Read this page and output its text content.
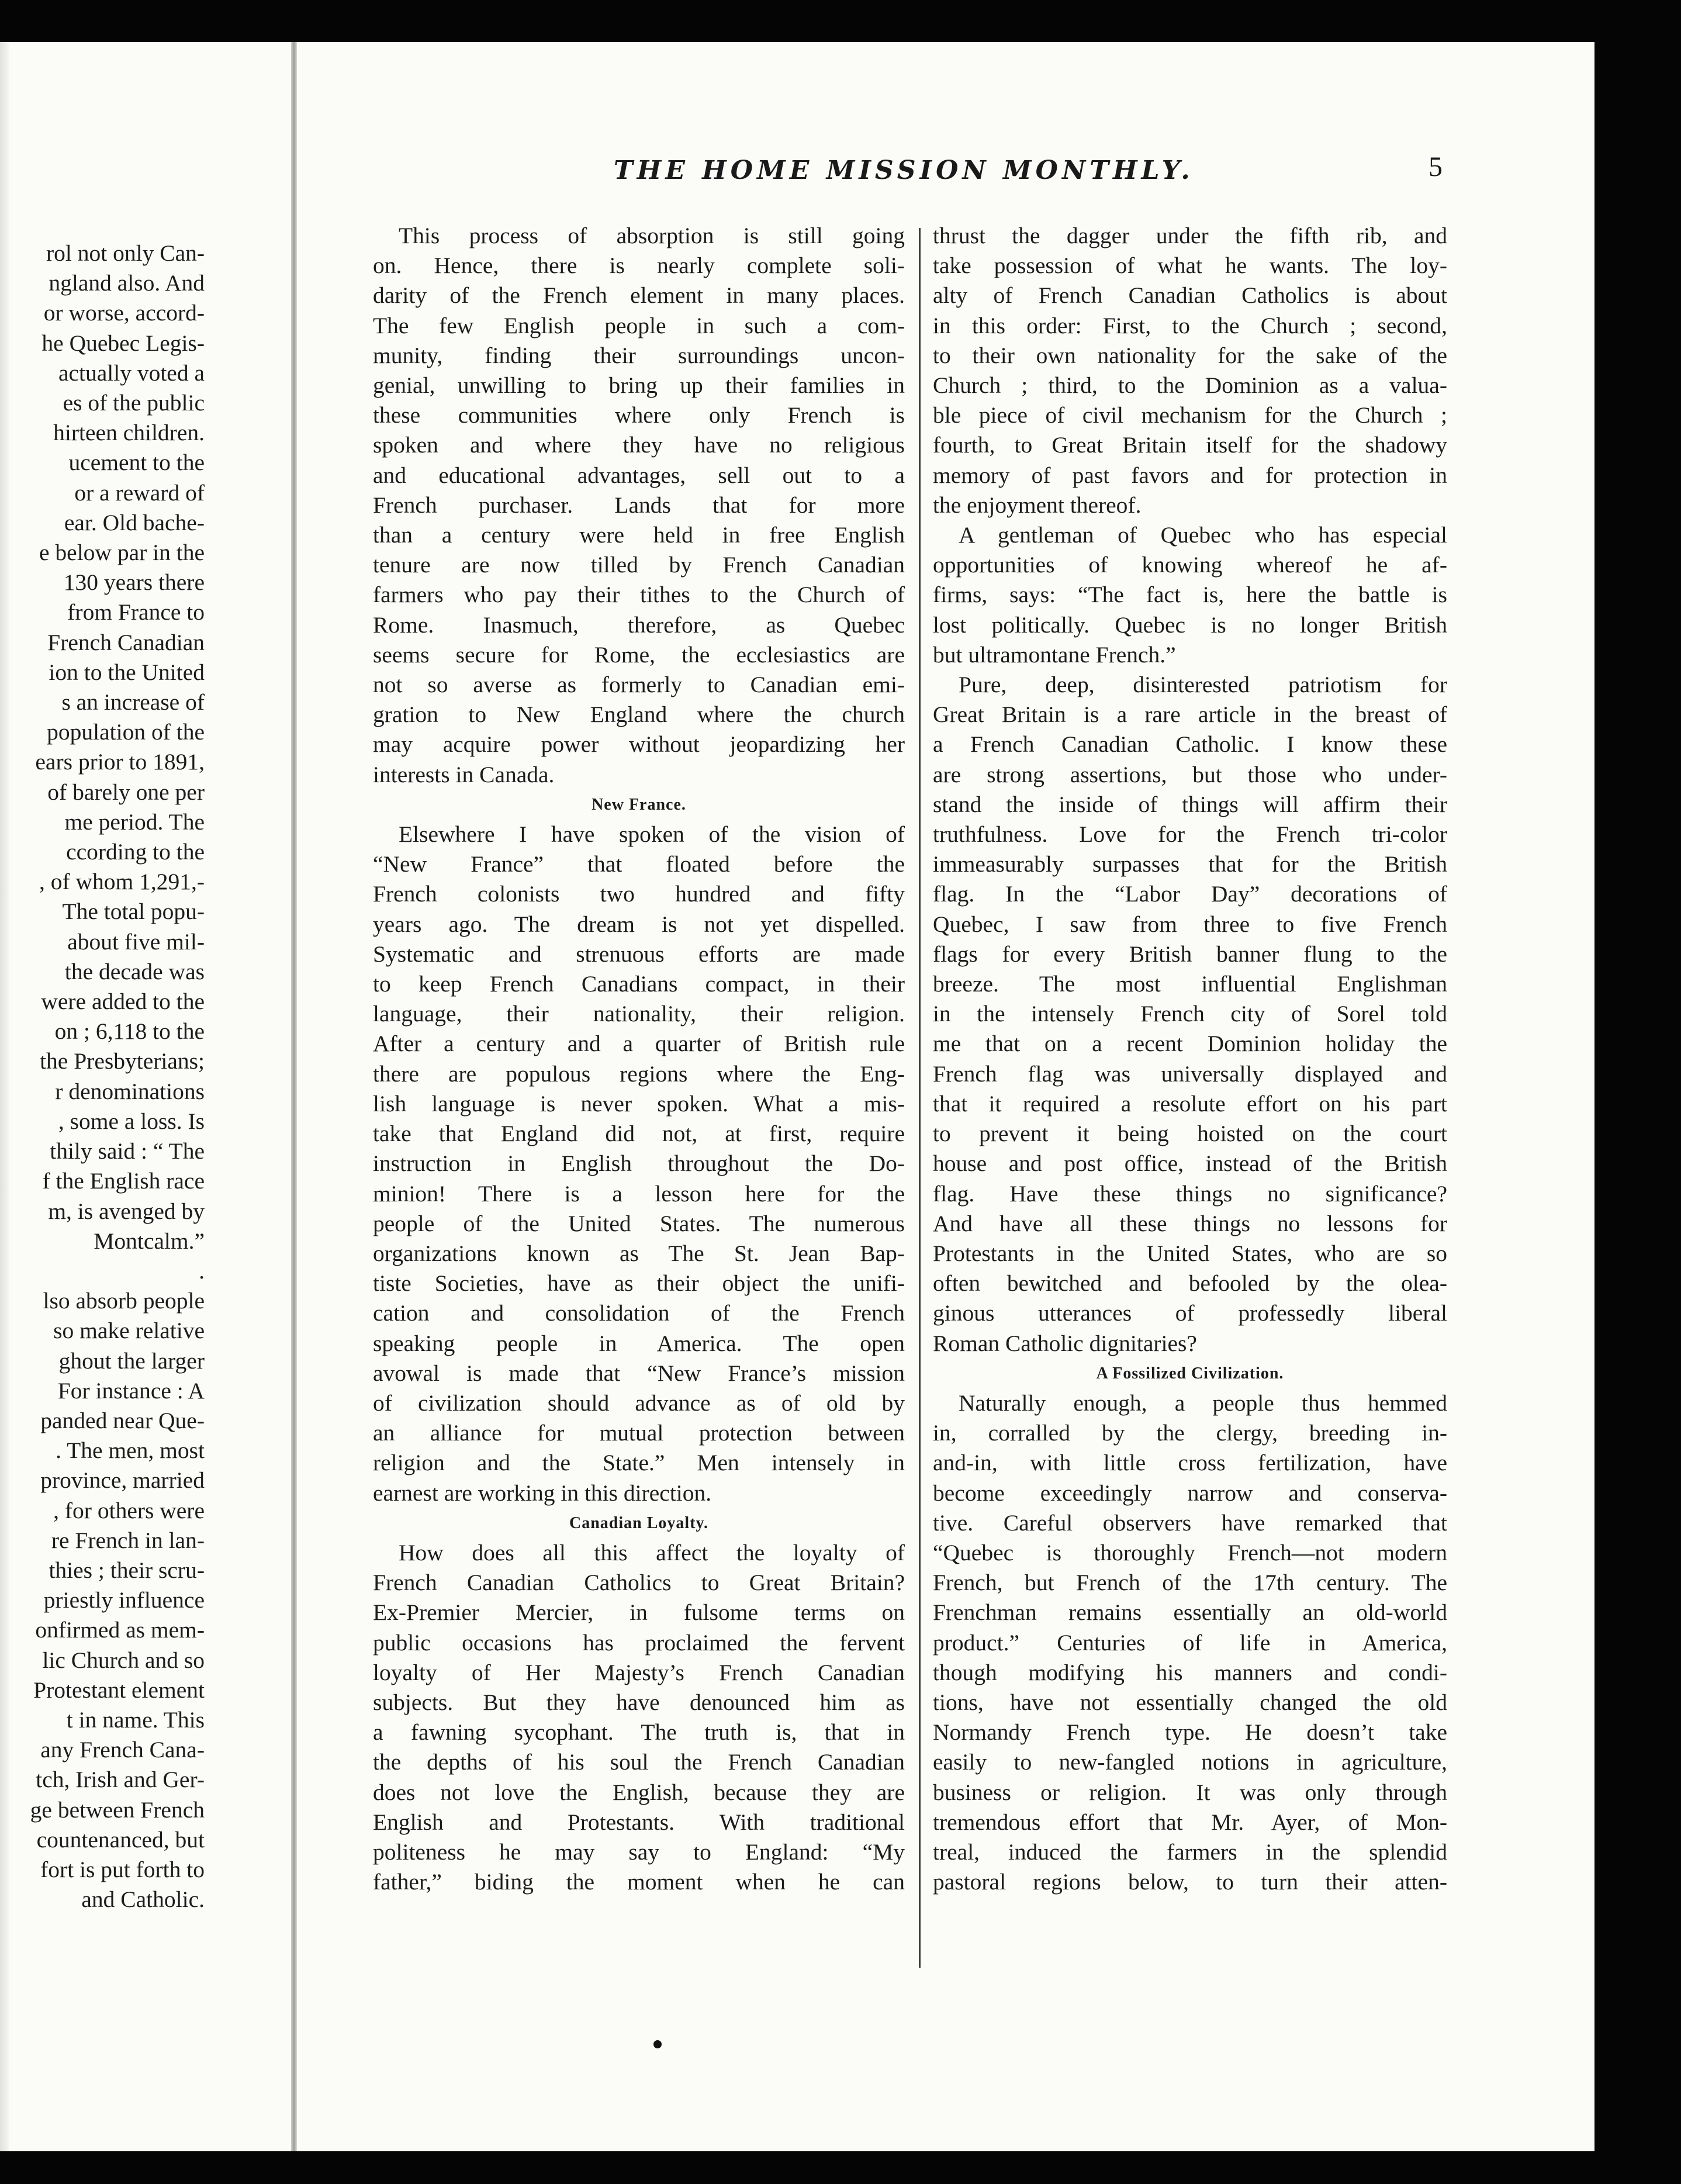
THE HOME MISSION MONTHLY.	5

rol not only Can-

ngland also. And

or worse, accord-

he Quebec Legis-

actually voted a

es of the public

hirteen children.

ucement to the

or a reward of

ear. Old bache-

e below par in the

130 years there

from France to

French Canadian

ion to the United

s an increase of

population of the

ears prior to 1891,

of barely one per

me period. The

ccording to the

, of whom 1,291,-

The total popu-

about five mil-

the decade was

were added to the

on ; 6,118 to the

the Presbyterians;

r denominations

, some a loss. Is

thily said : “ The

f the English race

m, is avenged by

Montcalm.”

.

lso absorb people

so make relative

ghout the larger

For instance : A

panded near Que-

. The men, most

province, married

, for others were

re French in lan-

thies ; their scru-

priestly influence

onfirmed as mem-

lic Church and so

Protestant element

t in name. This

any French Cana-

tch, Irish and Ger-

ge between French

countenanced, but

fort is put forth to

and Catholic.

This process of absorption is still going

on. Hence, there is nearly complete soli-

darity of the French element in many places.

The few English people in such a com-

munity, finding their surroundings uncon-

genial, unwilling to bring up their families in

these communities where only French is

spoken and where they have no religious

and educational advantages, sell out to a

French purchaser. Lands that for more

than a century were held in free English

tenure are now tilled by French Canadian

farmers who pay their tithes to the Church of

Rome. Inasmuch, therefore, as Quebec

seems secure for Rome, the ecclesiastics are

not so averse as formerly to Canadian emi-

gration to New England where the church

may acquire power without jeopardizing her

interests in Canada.

New France.

Elsewhere I have spoken of the vision of

“New France” that floated before the

French colonists two hundred and fifty

years ago. The dream is not yet dispelled.

Systematic and strenuous efforts are made

to keep French Canadians compact, in their

language, their nationality, their religion.

After a century and a quarter of British rule

there are populous regions where the Eng-

lish language is never spoken. What a mis-

take that England did not, at first, require

instruction in English throughout the Do-

minion! There is a lesson here for the

people of the United States. The numerous

organizations known as The St. Jean Bap-

tiste Societies, have as their object the unifi-

cation and consolidation of the French

speaking people in America. The open

avowal is made that “New France’s mission

of civilization should advance as of old by

an alliance for mutual protection between

religion and the State.” Men intensely in

earnest are working in this direction.

Canadian Loyalty.

How does all this affect the loyalty of

French Canadian Catholics to Great Britain?

Ex-Premier Mercier, in fulsome terms on

public occasions has proclaimed the fervent

loyalty of Her Majesty’s French Canadian

subjects. But they have denounced him as

a fawning sycophant. The truth is, that in

the depths of his soul the French Canadian

does not love the English, because they are

English and Protestants. With traditional

politeness he may say to England: “My

father,” biding the moment when he can

thrust the dagger under the fifth rib, and

take possession of what he wants. The loy-

alty of French Canadian Catholics is about

in this order: First, to the Church ; second,

to their own nationality for the sake of the

Church ; third, to the Dominion as a valua-

ble piece of civil mechanism for the Church ;

fourth, to Great Britain itself for the shadowy

memory of past favors and for protection in

the enjoyment thereof.

A gentleman of Quebec who has especial

opportunities of knowing whereof he af-

firms, says: “The fact is, here the battle is

lost politically. Quebec is no longer British

but ultramontane French.”

Pure, deep, disinterested patriotism for

Great Britain is a rare article in the breast of

a French Canadian Catholic. I know these

are strong assertions, but those who under-

stand the inside of things will affirm their

truthfulness. Love for the French tri-color

immeasurably surpasses that for the British

flag. In the “Labor Day” decorations of

Quebec, I saw from three to five French

flags for every British banner flung to the

breeze. The most influential Englishman

in the intensely French city of Sorel told

me that on a recent Dominion holiday the

French flag was universally displayed and

that it required a resolute effort on his part

to prevent it being hoisted on the court

house and post office, instead of the British

flag. Have these things no significance?

And have all these things no lessons for

Protestants in the United States, who are so

often bewitched and befooled by the olea-

ginous utterances of professedly liberal

Roman Catholic dignitaries?

A Fossilized Civilization.

Naturally enough, a people thus hemmed

in, corralled by the clergy, breeding in-

and-in, with little cross fertilization, have

become exceedingly narrow and conserva-

tive. Careful observers have remarked that

“Quebec is thoroughly French—not modern

French, but French of the 17th century. The

Frenchman remains essentially an old-world

product.” Centuries of life in America,

though modifying his manners and condi-

tions, have not essentially changed the old

Normandy French type. He doesn’t take

easily to new-fangled notions in agriculture,

business or religion. It was only through

tremendous effort that Mr. Ayer, of Mon-

treal, induced the farmers in the splendid

pastoral regions below, to turn their atten-
